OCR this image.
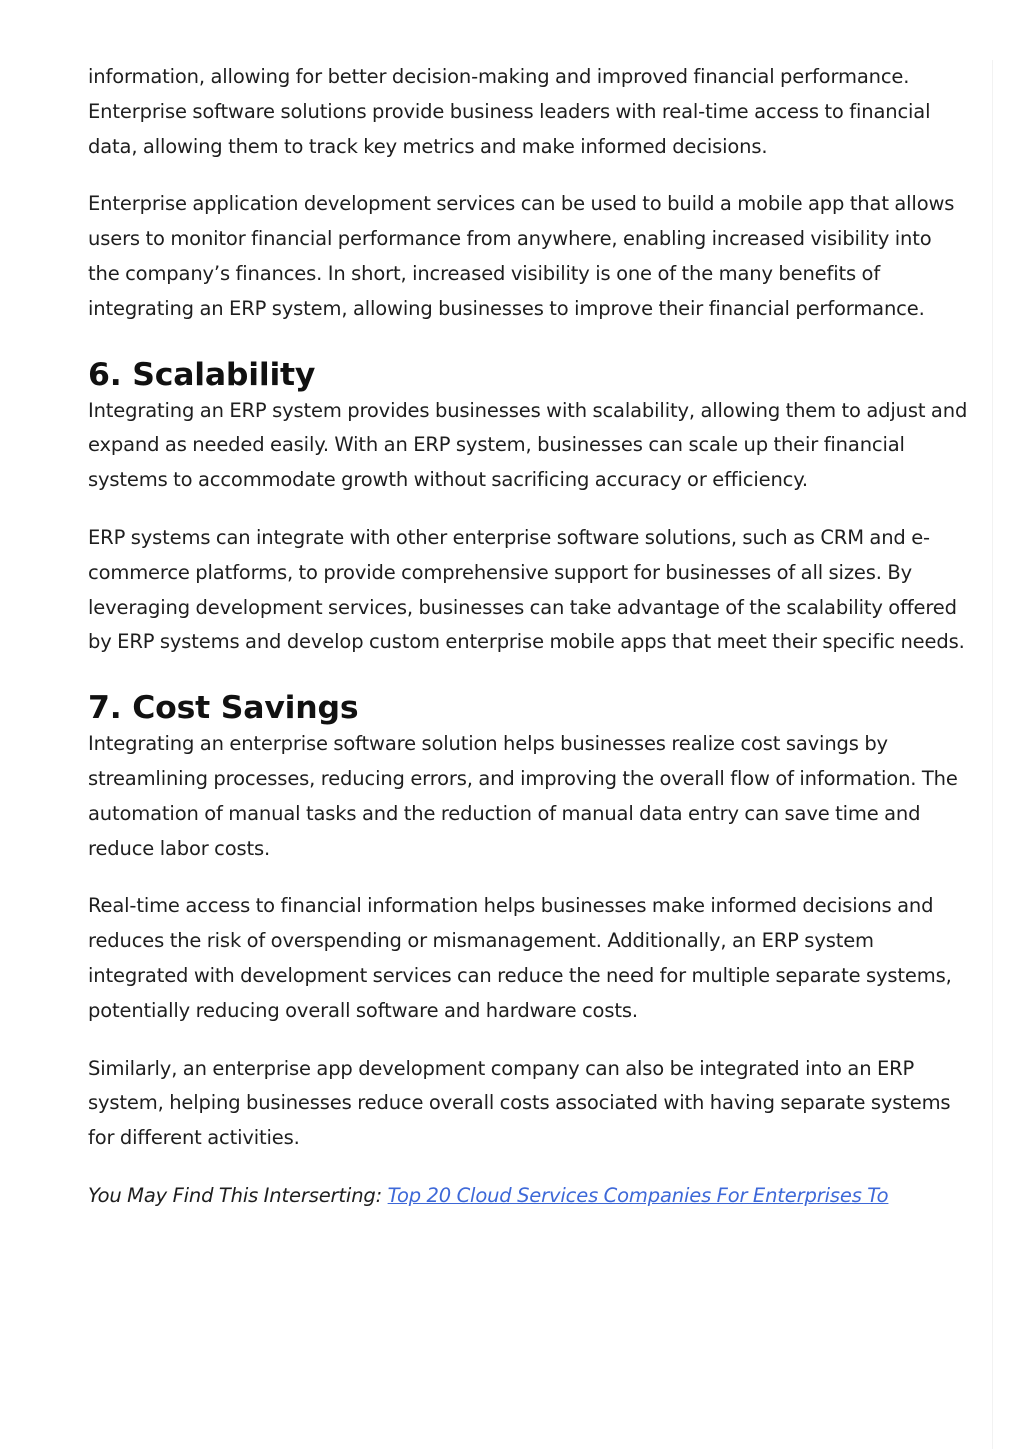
information, allowing for better decision-making and improved financial performance. Enterprise software solutions provide business leaders with real-time access to financial data, allowing them to track key metrics and make informed decisions.

Enterprise application development services can be used to build a mobile app that allows users to monitor financial performance from anywhere, enabling increased visibility into the company’s finances. In short, increased visibility is one of the many benefits of integrating an ERP system, allowing businesses to improve their financial performance.

6. Scalability

Integrating an ERP system provides businesses with scalability, allowing them to adjust and expand as needed easily. With an ERP system, businesses can scale up their financial systems to accommodate growth without sacrificing accuracy or efficiency.

ERP systems can integrate with other enterprise software solutions, such as CRM and e-commerce platforms, to provide comprehensive support for businesses of all sizes. By leveraging development services, businesses can take advantage of the scalability offered by ERP systems and develop custom enterprise mobile apps that meet their specific needs.

7. Cost Savings

Integrating an enterprise software solution helps businesses realize cost savings by streamlining processes, reducing errors, and improving the overall flow of information. The automation of manual tasks and the reduction of manual data entry can save time and reduce labor costs.

Real-time access to financial information helps businesses make informed decisions and reduces the risk of overspending or mismanagement. Additionally, an ERP system integrated with development services can reduce the need for multiple separate systems, potentially reducing overall software and hardware costs.

Similarly, an enterprise app development company can also be integrated into an ERP system, helping businesses reduce overall costs associated with having separate systems for different activities.

You May Find This Interserting: Top 20 Cloud Services Companies For Enterprises To
